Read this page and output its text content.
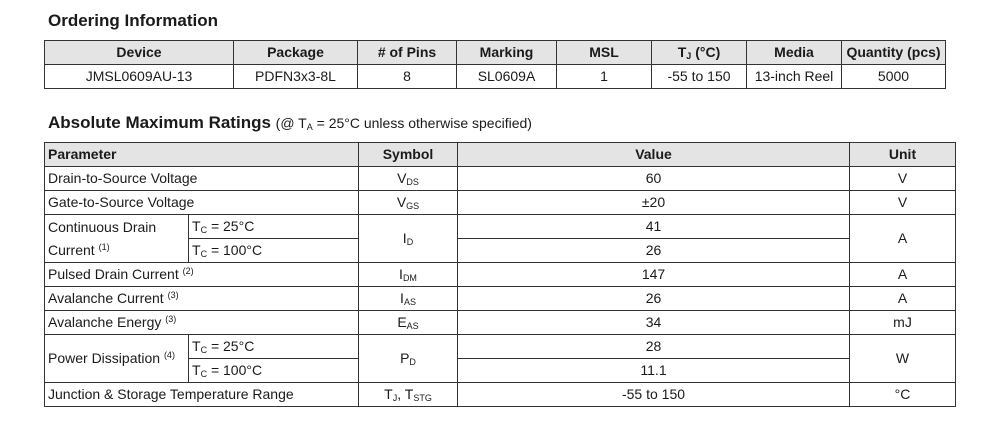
Ordering Information
Device	Package	# of Pins	Marking	MSL	$T_J$ (°C)	Media	Quantity (pcs)
JMSL0609AU-13	PDFN3x3-8L	8	SL0609A	1	-55 to 150	13-inch Reel	5000
Absolute Maximum Ratings (@ $T_A = 25^\circ C$ unless otherwise specified)
Parameter		Symbol	Value	Unit
Drain-to-Source Voltage		$V_{DS}$	60	V
Gate-to-Source Voltage		$V_{GS}$	±20	V

Continuous Drain
Current $^{(1)}$	$T_C = 25^\circ C$	$I_D$	41	A
	$T_C = 100^\circ C$		26	
Pulsed Drain Current $^{(2)}$		$I_{DM}$	147	A
Avalanche Current $^{(3)}$		$I_{AS}$	26	A
Avalanche Energy $^{(3)}$		$E_{AS}$	34	mJ
Power Dissipation $^{(4)}$	$T_C = 25^\circ C$	$P_D$	28	W
	$T_C = 100^\circ C$		11.1	
Junction & Storage Temperature Range		$T_J$, $T_{STG}$	-55 to 150	°C
